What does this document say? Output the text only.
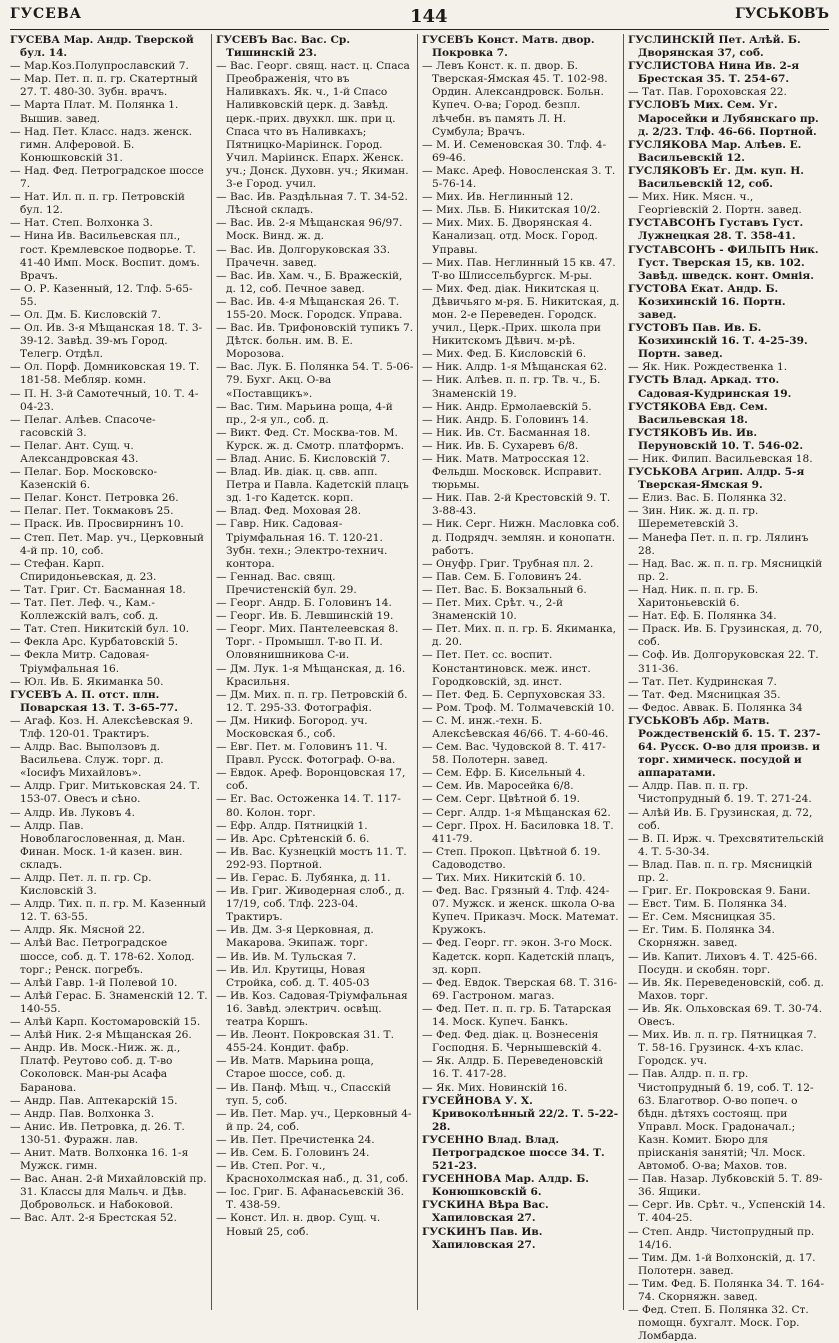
ГУСЕВА	144	ГУСЬКОВЪ

ГУСЕВА Мар. Андр. Тверской бул. 14.

— Мар.Коз.Полупрославский 7.

— Мар. Пет. п. п. гр. Скатертный 27. Т. 480-30. Зубн. врачъ.

— Марта Плат. М. Полянка 1. Вышив. завед.

— Над. Пет. Класс. надз. женск. гимн. Алферовой. Б. Конюшковскій 31.

— Над. Фед. Петроградское шоссе 7.

— Нат. Ил. п. п. гр. Петровскій бул. 12.

— Нат. Степ. Волхонка 3.

— Нина Ив. Васильевская пл., гост. Кремлевское подворье. Т. 41-40 Имп. Моск. Воспит. домъ. Врачъ.

— О. Р. Казенный, 12. Тлф. 5-65-55.

— Ол. Дм. Б. Кисловскій 7.

— Ол. Ив. 3-я Мѣщанская 18. Т. 3-39-12. Завѣд. 39-мъ Город. Телегр. Отдѣл.

— Ол. Порф. Домниковская 19. Т. 181-58. Мебляр. комн.

— П. Н. 3-й Самотечный, 10. Т. 4-04-23.

— Пелаг. Алѣев. Спасоче-гасовскій 3.

— Пелаг. Ант. Сущ. ч. Александровская 43.

— Пелаг. Бор. Московско-Казенскій 6.

— Пелаг. Конст. Петровка 26.

— Пелаг. Пет. Токмаковъ 25.

— Праск. Ив. Просвирнинъ 10.

— Степ. Пет. Мар. уч., Церковный 4-й пр. 10, соб.

— Стефан. Карп. Спиридоньевская, д. 23.

— Тат. Григ. Ст. Басманная 18.

— Тат. Пет. Леф. ч., Кам.-Коллежскій валъ, соб. д.

— Тат. Степ. Никитскій бул. 10.

— Фекла Арс. Курбатовскій 5.

— Фекла Митр. Садовая-Тріумфальная 16.

— Юл. Ив. Б. Якиманка 50.

ГУСЕВЪ А. П. отст. плн. Поварская 13. Т. 3-65-77.

— Агаф. Коз. Н. Алексѣевская 9. Тлф. 120-01. Трактиръ.

— Алдр. Вас. Выползовъ д. Васильева. Служ. торг. д. «Іосифъ Михайловъ».

— Алдр. Григ. Митьковская 24. Т. 153-07. Овесъ и сѣно.

— Алдр. Ив. Луковъ 4.

— Алдр. Пав. Новоблагословенная, д. Ман. Финан. Моск. 1-й казен. вин. складъ.

— Алдр. Пет. л. п. гр. Ср. Кисловскій 3.

— Алдр. Тих. п. п. гр. М. Казенный 12. Т. 63-55.

— Алдр. Як. Мясной 22.

— Алѣй Вас. Петроградское шоссе, соб. д. Т. 178-62. Холод. торг.; Ренск. погребъ.

— Алѣй Гавр. 1-й Полевой 10.

— Алѣй Герас. Б. Знаменскій 12. Т. 140-55.

— Алѣй Карп. Костомаровскій 15.

— Алѣй Ник. 2-я Мѣщанская 26.

— Андр. Ив. Моск.-Ниж. ж. д., Платф. Реутово соб. д. Т-во Соколовск. Ман-ры Асафа Баранова.

— Андр. Пав. Аптекарскій 15.

— Андр. Пав. Волхонка 3.

— Анис. Ив. Петровка, д. 26. Т. 130-51. Фуражн. лав.

— Анит. Матв. Волхонка 16. 1-я Мужск. гимн.

— Вас. Анан. 2-й Михайловскій пр. 31. Классы для Мальч. и Дѣв. Добровольск. и Набоковой.

— Вас. Алт. 2-я Брестская 52.

ГУСЕВЪ Вас. Вас. Ср. Тишинскій 23.

— Вас. Георг. свящ. наст. ц. Спаса Преображенія, что въ Наливкахъ. Як. ч., 1-й Спасо Наливковскій церк. д. Завѣд. церк.-прих. двухкл. шк. при ц. Спаса что въ Наливкахъ; Пятницко-Маріинск. Город. Учил. Маріинск. Епарх. Женск. уч.; Донск. Духовн. уч.; Якиман. 3-е Город. учил.

— Вас. Ив. Раздѣльная 7. Т. 34-52. Лѣсной складъ.

— Вас. Ив. 2-я Мѣщанская 96/97. Моск. Винд. ж. д.

— Вас. Ив. Долгоруковская 33. Прачечн. завед.

— Вас. Ив. Хам. ч., Б. Вражескій, д. 12, соб. Печное завед.

— Вас. Ив. 4-я Мѣщанская 26. Т. 155-20. Моск. Городск. Управа.

— Вас. Ив. Трифоновскій тупикъ 7. Дѣтск. больн. им. В. Е. Морозова.

— Вас. Лук. Б. Полянка 54. Т. 5-06-79. Бухг. Акц. О-ва «Поставщикъ».

— Вас. Тим. Марьина роща, 4-й пр., 2-я ул., соб. д.

— Викт. Фед. Ст. Москва-тов. М. Курск. ж. д. Смотр. платформъ.

— Влад. Анис. Б. Кисловскій 7.

— Влад. Ив. діак. ц. свв. апп. Петра и Павла. Кадетскій плацъ зд. 1-го Кадетск. корп.

— Влад. Фед. Моховая 28.

— Гавр. Ник. Садовая-Тріумфальная 16. Т. 120-21. Зубн. техн.; Электро-технич. контора.

— Геннад. Вас. свящ. Пречистенскій бул. 29.

— Георг. Андр. Б. Головинъ 14.

— Георг. Ив. Б. Левшинскій 19.

— Георг. Мих. Пантелеевская 8. Торг. - Промышл. Т-во П. И. Оловянишникова С-и.

— Дм. Лук. 1-я Мѣщанская, д. 16. Красильня.

— Дм. Мих. п. п. гр. Петровскій б. 12. Т. 295-33. Фотографія.

— Дм. Никиф. Богород. уч. Московская б., соб.

— Евг. Пет. м. Головинъ 11. Ч. Правл. Русск. Фотограф. О-ва.

— Евдок. Ареф. Воронцовская 17, соб.

— Ег. Вас. Остоженка 14. Т. 117-80. Колон. торг.

— Ефр. Алдр. Пятницкій 1.

— Ив. Арс. Срѣтенскій б. 6.

— Ив. Вас. Кузнецкій мостъ 11. Т. 292-93. Портной.

— Ив. Герас. Б. Лубянка, д. 11.

— Ив. Григ. Живодерная слоб., д. 17/19, соб. Тлф. 223-04. Трактиръ.

— Ив. Дм. 3-я Церковная, д. Макарова. Экипаж. торг.

— Ив. Ив. М. Тульская 7.

— Ив. Ил. Крутицы, Новая Стройка, соб. д. Т. 405-03

— Ив. Коз. Садовая-Тріумфальная 16. Завѣд. электрич. освѣщ. театра Коршъ.

— Ив. Леонт. Покровская 31. Т. 455-24. Кондит. фабр.

— Ив. Матв. Марьина роща, Старое шоссе, соб. д.

— Ив. Панф. Мѣщ. ч., Спасскій туп. 5, соб.

— Ив. Пет. Мар. уч., Церковный 4-й пр. 24, соб.

— Ив. Пет. Пречистенка 24.

— Ив. Сем. Б. Головинъ 24.

— Ив. Степ. Рог. ч., Краснохолмская наб., д. 31, соб.

— Іос. Григ. Б. Афанасьевскій 36. Т. 438-59.

— Конст. Ил. н. двор. Сущ. ч. Новый 25, соб.

ГУСЕВЪ Конст. Матв. двор. Покровка 7.

— Левъ Конст. к. п. двор. Б. Тверская-Ямская 45. Т. 102-98. Ордин. Александровск. Больн. Купеч. О-ва; Город. безпл. лѣчебн. въ память Л. Н. Сумбула; Врачъ.

— М. И. Семеновская 30. Тлф. 4-69-46.

— Макс. Ареф. Новосленская 3. Т. 5-76-14.

— Мих. Ив. Неглинный 12.

— Мих. Льв. Б. Никитская 10/2.

— Мих. Мих. Б. Дворянская 4. Канализац. отд. Моск. Город. Управы.

— Мих. Пав. Неглинный 15 кв. 47. Т-во Шлиссельбургск. М-ры.

— Мих. Фед. діак. Никитская ц. Дѣвичьяго м-ря. Б. Никитская, д. мон. 2-е Переведен. Городск. учил., Церк.-Прих. школа при Никитскомъ Дѣвич. м-рѣ.

— Мих. Фед. Б. Кисловскій 6.

— Ник. Алдр. 1-я Мѣщанская 62.

— Ник. Алѣев. п. п. гр. Тв. ч., Б. Знаменскій 19.

— Ник. Андр. Ермолаевскій 5.

— Ник. Андр. Б. Головинъ 14.

— Ник. Ив. Ст. Басманная 18.

— Ник. Ив. Б. Сухаревъ 6/8.

— Ник. Матв. Матросская 12. Фельдш. Московск. Исправит. тюрьмы.

— Ник. Пав. 2-й Крестовскій 9. Т. 3-88-43.

— Ник. Серг. Нижн. Масловка соб. д. Подрядч. землян. и конопатн. работъ.

— Онуфр. Григ. Трубная пл. 2.

— Пав. Сем. Б. Головинъ 24.

— Пет. Вас. Б. Вокзальный 6.

— Пет. Мих. Срѣт. ч., 2-й Знаменскій 10.

— Пет. Мих. п. п. гр. Б. Якиманка, д. 20.

— Пет. Пет. сс. воспит. Константиновск. меж. инст. Городковскій, зд. инст.

— Пет. Фед. Б. Серпуховская 33.

— Ром. Троф. М. Толмачевскій 10.

— С. М. инж.-техн. Б. Алексѣевская 46/66. Т. 4-60-46.

— Сем. Вас. Чудовской 8. Т. 417-58. Полотерн. завед.

— Сем. Ефр. Б. Кисельный 4.

— Сем. Ив. Маросейка 6/8.

— Сем. Серг. Цвѣтной б. 19.

— Серг. Алдр. 1-я Мѣщанская 62.

— Серг. Прох. Н. Басиловка 18. Т. 411-79.

— Степ. Прокоп. Цвѣтной б. 19. Садоводство.

— Тих. Мих. Никитскій б. 10.

— Фед. Вас. Грязный 4. Тлф. 424-07. Мужск. и женск. школа О-ва Купеч. Приказч. Моск. Математ. Кружокъ.

— Фед. Георг. гг. экон. 3-го Моск. Кадетск. корп. Кадетскій плацъ, зд. корп.

— Фед. Евдок. Тверская 68. Т. 316-69. Гастроном. магаз.

— Фед. Пет. п. п. гр. Б. Татарская 14. Моск. Купеч. Банкъ.

— Фед. Фед. діак. ц. Вознесенія Господня. Б. Чернышевскій 4.

— Як. Алдр. Б. Переведеновскій 16. Т. 417-28.

— Як. Мих. Новинскій 16.

ГУСЕЙНОВА У. Х. Кривоколѣнный 22/2. Т. 5-22-28.

ГУСЕННО Влад. Влад. Петроградское шоссе 34. Т. 521-23.

ГУСЕННОВА Мар. Алдр. Б. Конюшковскій 6.

ГУСКИНА Вѣра Вас. Хапиловская 27.

ГУСКИНЪ Пав. Ив. Хапиловская 27.

ГУСЛИНСКІЙ Пет. Алѣй. Б. Дворянская 37, соб.

ГУСЛИСТОВА Нина Ив. 2-я Брестская 35. Т. 254-67.

— Тат. Пав. Гороховская 22.

ГУСЛОВЪ Мих. Сем. Уг. Маросейки и Лубянскаго пр. д. 2/23. Тлф. 46-66. Портной.

ГУСЛЯКОВА Мар. Алѣев. Е. Васильевскій 12.

ГУСЛЯКОВЪ Ег. Дм. куп. Н. Васильевскій 12, соб.

— Мих. Ник. Мясн. ч., Георгіевскій 2. Портн. завед.

ГУСТАВСОНЪ Густавъ Густ. Лужнецкая 28. Т. 358-41.

ГУСТАВСОНЪ - ФИЛЬПЪ Ник. Густ. Тверская 15, кв. 102. Завѣд. шведск. конт. Омнія.

ГУСТОВА Екат. Андр. Б. Козихинскій 16. Портн. завед.

ГУСТОВЪ Пав. Ив. Б. Козихинскій 16. Т. 4-25-39. Портн. завед.

— Як. Ник. Рождественка 1.

ГУСТЬ Влад. Аркад. тто. Садовая-Кудринская 19.

ГУСТЯКОВА Евд. Сем. Васильевская 18.

ГУСТЯКОВЪ Ив. Ив. Перуновскій 10. Т. 546-02.

— Ник. Филип. Васильевская 18.

ГУСЬКОВА Агрип. Алдр. 5-я Тверская-Ямская 9.

— Елиз. Вас. Б. Полянка 32.

— Зин. Ник. ж. д. п. гр. Шереметевскій 3.

— Манефа Пет. п. п. гр. Лялинъ 28.

— Над. Вас. ж. п. п. гр. Мясницкій пр. 2.

— Над. Ник. п. п. гр. Б. Харитоньевскій 6.

— Нат. Еф. Б. Полянка 34.

— Праск. Ив. Б. Грузинская, д. 70, соб.

— Соф. Ив. Долгоруковская 22. Т. 311-36.

— Тат. Пет. Кудринская 7.

— Тат. Фед. Мясницкая 35.

— Федос. Аввак. Б. Полянка 34

ГУСЬКОВЪ Абр. Матв. Рождественскій б. 15. Т. 237-64. Русск. О-во для произв. и торг. химическ. посудой и аппаратами.

— Алдр. Пав. п. п. гр. Чистопрудный б. 19. Т. 271-24.

— Алѣй Ив. Б. Грузинская, д. 72, соб.

— В. П. Ирж. ч. Трехсвятительскій 4. Т. 5-30-34.

— Влад. Пав. п. п. гр. Мясницкій пр. 2.

— Григ. Ег. Покровская 9. Бани.

— Евст. Тим. Б. Полянка 34.

— Ег. Сем. Мясницкая 35.

— Ег. Тим. Б. Полянка 34. Скорняжн. завед.

— Ив. Капит. Лиховъ 4. Т. 425-66. Посудн. и скобян. торг.

— Ив. Як. Переведеновскій, соб. д. Махов. торг.

— Ив. Як. Ольховская 69. Т. 30-74. Овесъ.

— Мих. Ив. л. п. гр. Пятницкая 7. Т. 58-16. Грузинск. 4-хъ клас. Городск. уч.

— Пав. Алдр. п. п. гр. Чистопрудный б. 19, соб. Т. 12-63. Благотвор. О-во попеч. о бѣдн. дѣтяхъ состоящ. при Управл. Моск. Градоначал.; Казн. Комит. Бюро для пріисканія занятій; Чл. Моск. Автомоб. О-ва; Махов. тов.

— Пав. Назар. Лубковскій 5. Т. 89-36. Ящики.

— Серг. Ив. Срѣт. ч., Успенскій 14. Т. 404-25.

— Степ. Андр. Чистопрудный пр. 14/16.

— Тим. Дм. 1-й Волхонскій, д. 17. Полотерн. завед.

— Тим. Фед. Б. Полянка 34. Т. 164-74. Скорняжн. завед.

— Фед. Степ. Б. Полянка 32. Ст. помощн. бухгалт. Моск. Гор. Ломбарда.
